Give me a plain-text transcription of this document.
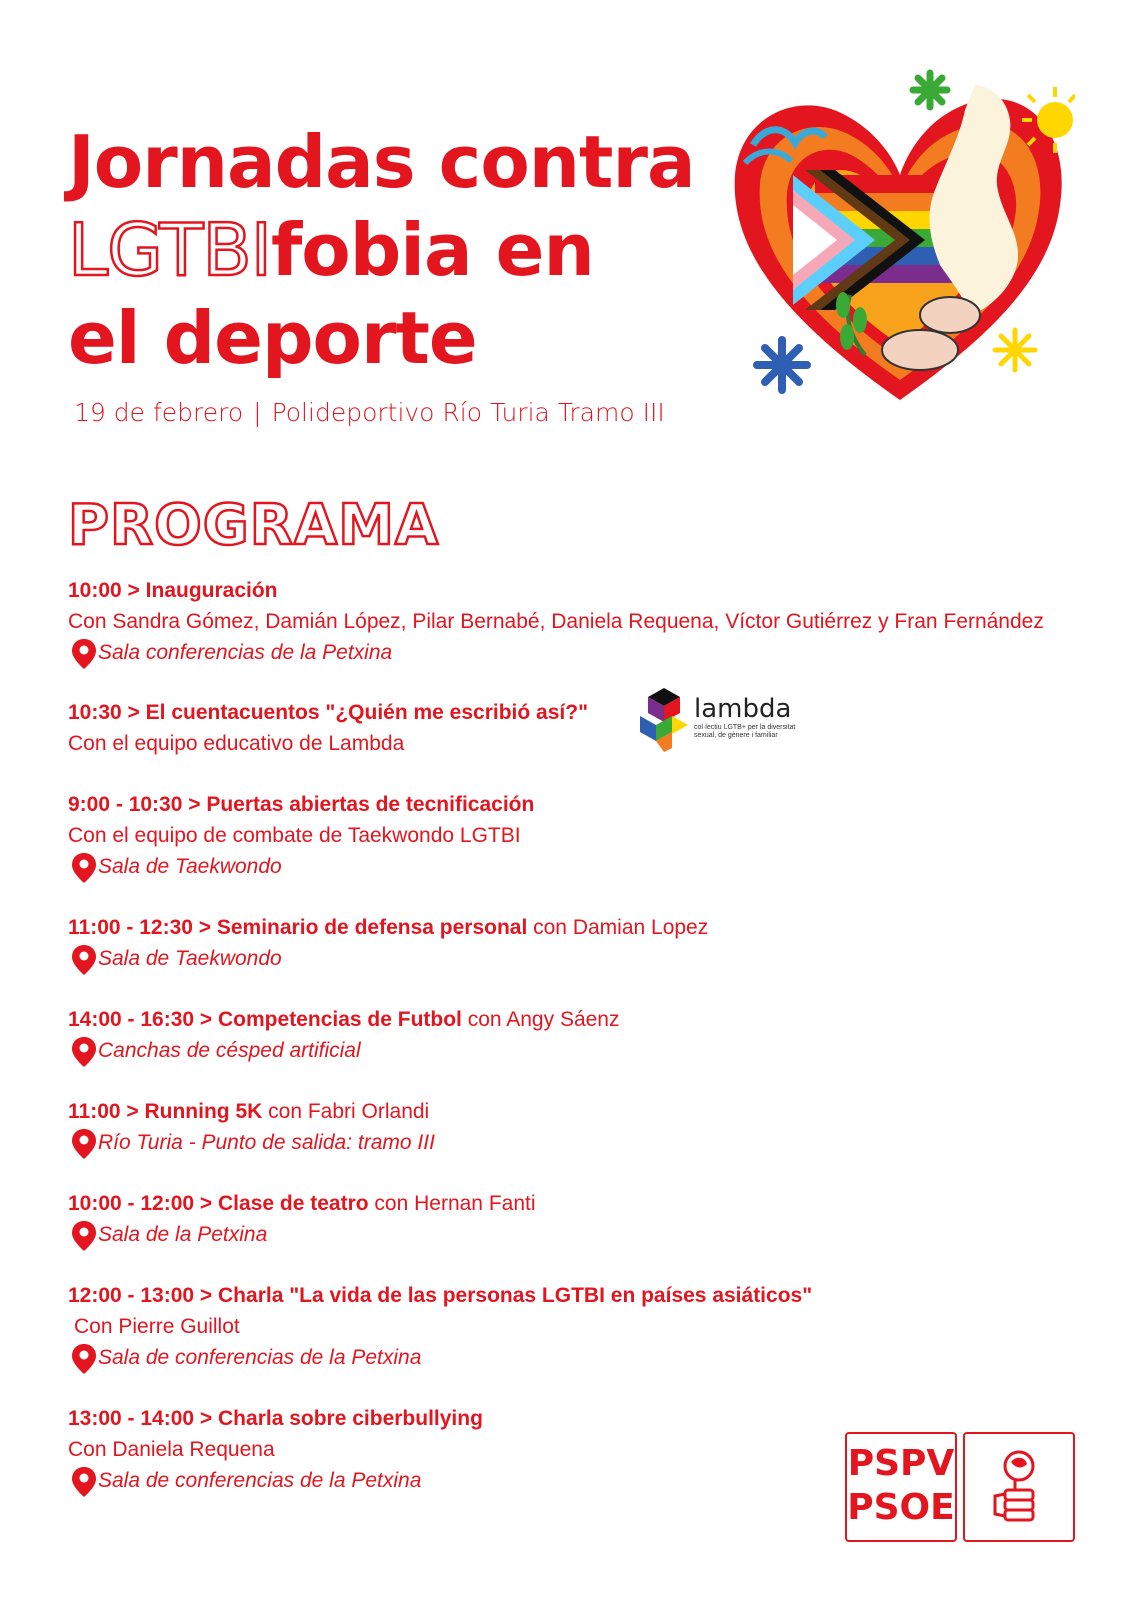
Jornadas contra
LGTBIfobia en
el deporte
19 de febrero | Polideportivo Río Turia Tramo III
PROGRAMA
10:00 > Inauguración
Con Sandra Gómez, Damián López, Pilar Bernabé, Daniela Requena, Víctor Gutiérrez y Fran Fernández
Sala conferencias de la Petxina
10:30 > El cuentacuentos "¿Quién me escribió así?"
Con el equipo educativo de Lambda
9:00 - 10:30 > Puertas abiertas de tecnificación
Con el equipo de combate de Taekwondo LGTBI
Sala de Taekwondo
11:00 - 12:30 > Seminario de defensa personal con Damian Lopez
Sala de Taekwondo
14:00 - 16:30 > Competencias de Futbol con Angy Sáenz
Canchas de césped artificial
11:00 > Running 5K con Fabri Orlandi
Río Turia - Punto de salida: tramo III
10:00 - 12:00 > Clase de teatro con Hernan Fanti
Sala de la Petxina
12:00 - 13:00 > Charla "La vida de las personas LGTBI en países asiáticos"
Con Pierre Guillot
Sala de conferencias de la Petxina
13:00 - 14:00 > Charla sobre ciberbullying
Con Daniela Requena
Sala de conferencias de la Petxina
lambda
col·lectiu LGTB+ per la diversitat sexual, de gènere i familiar
PSPV
PSOE
